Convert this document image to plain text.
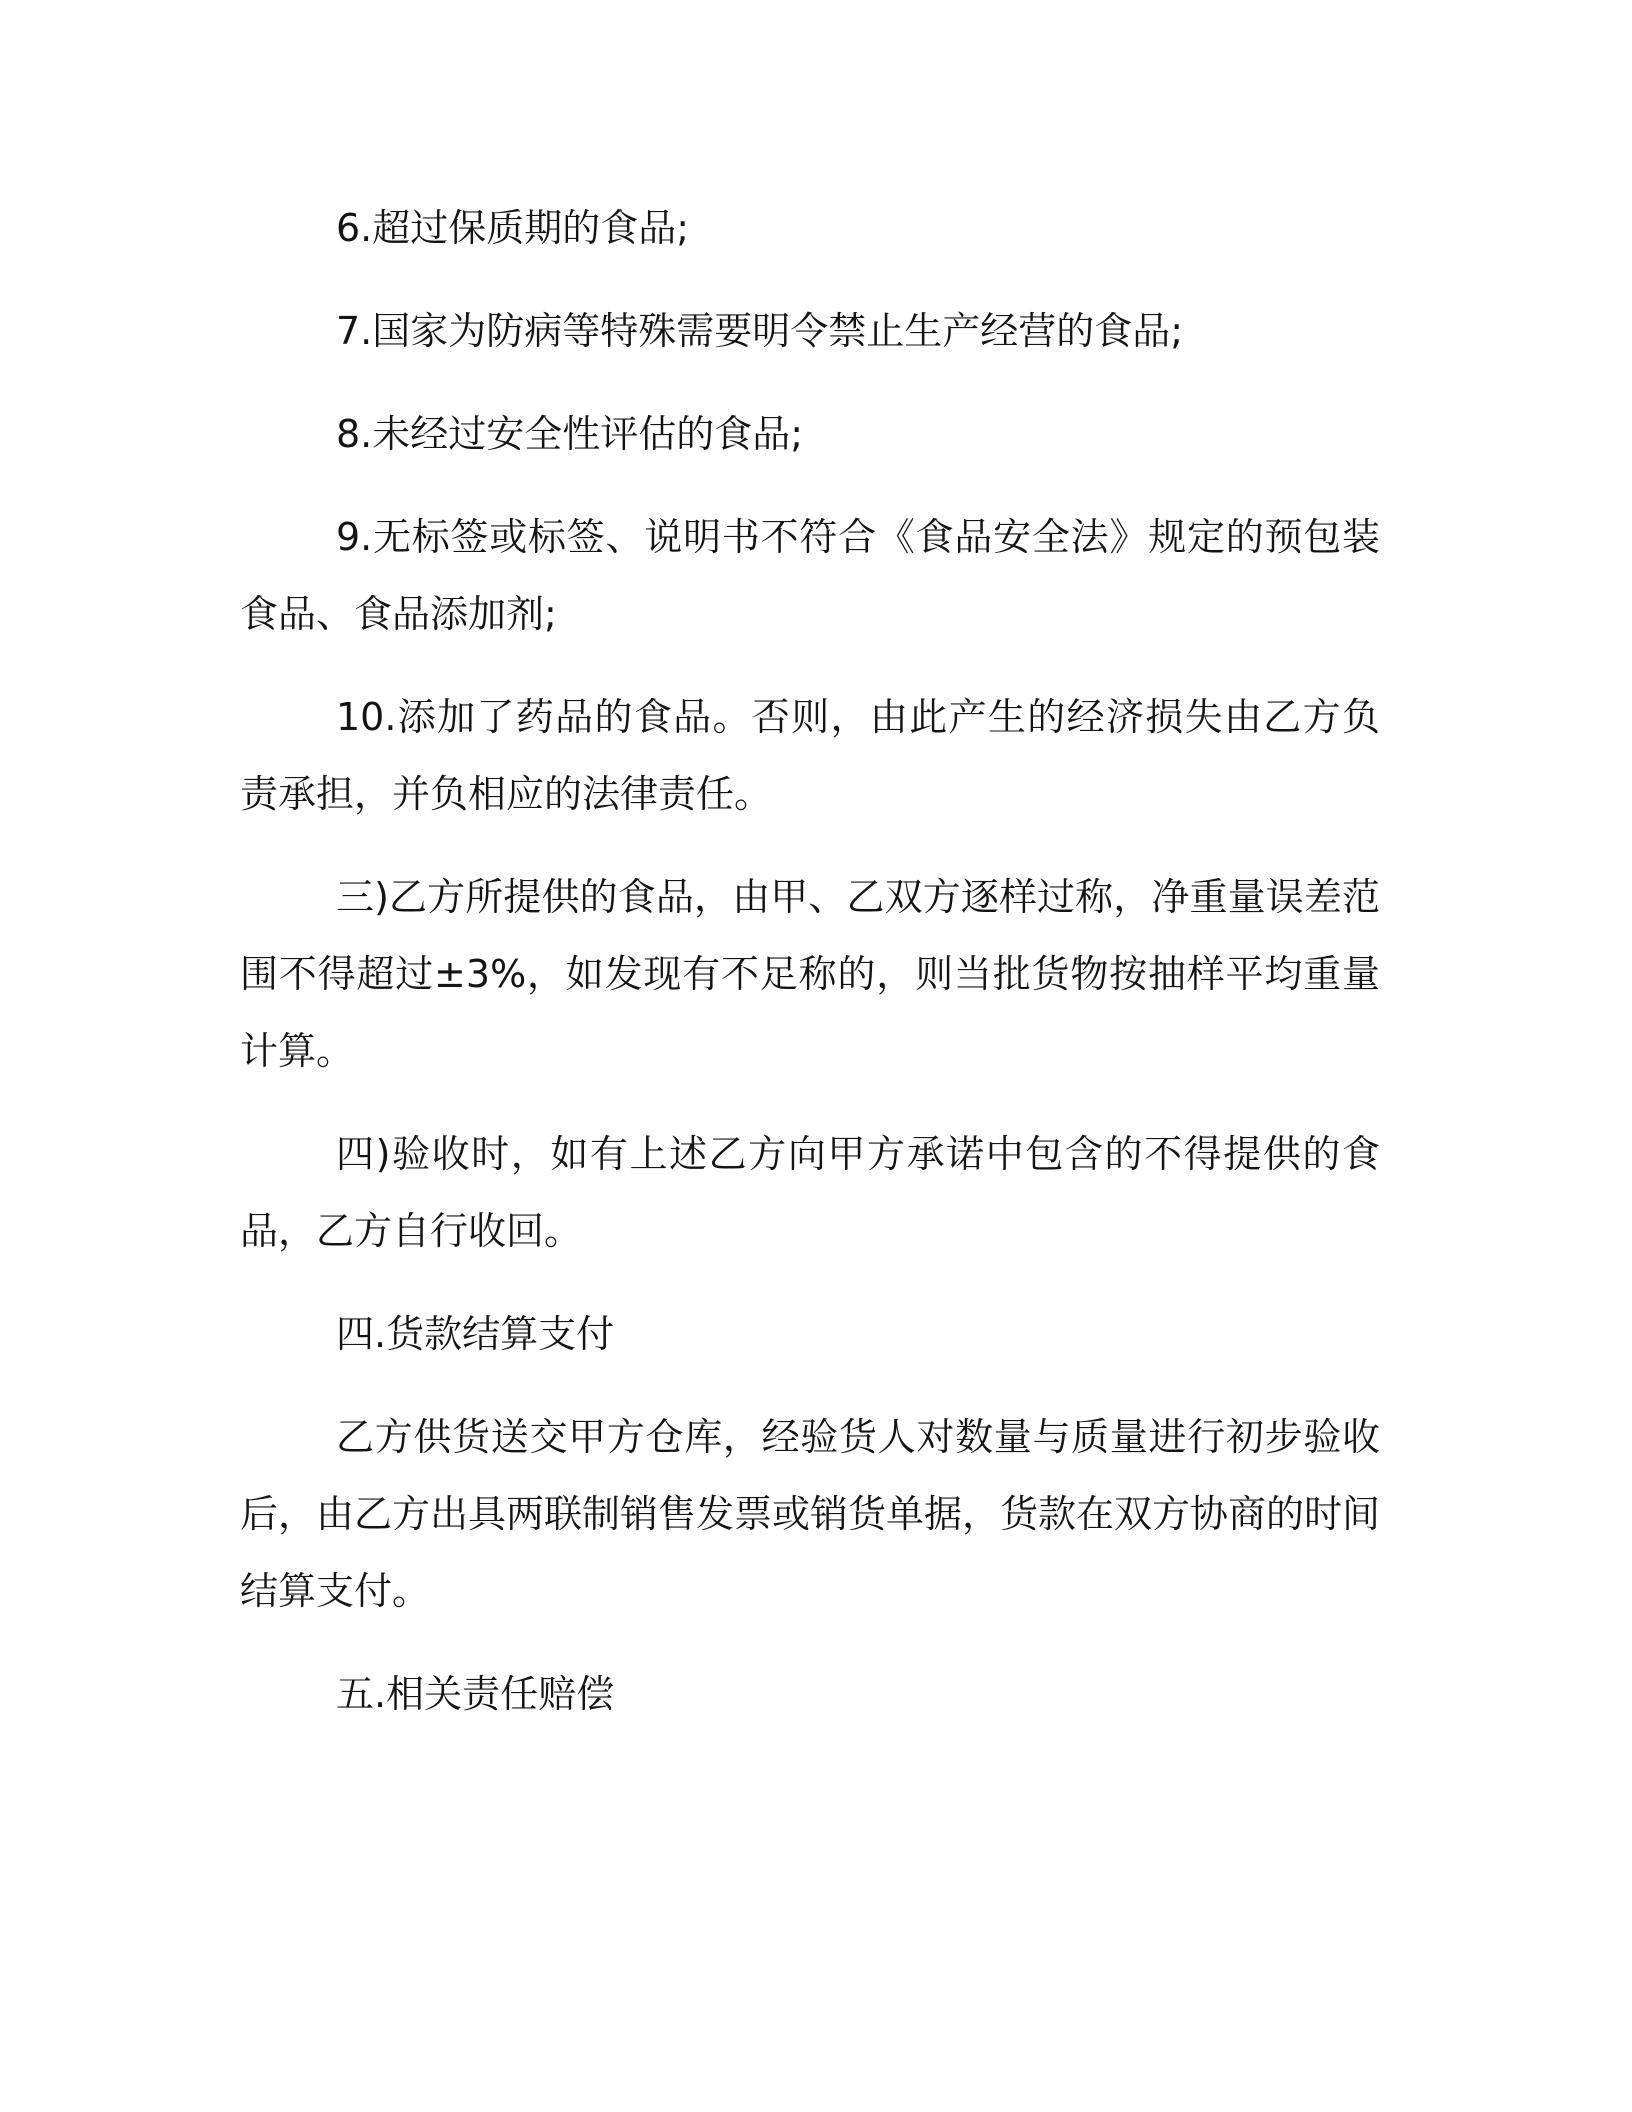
6.超过保质期的食品;

7.国家为防病等特殊需要明令禁止生产经营的食品;

8.未经过安全性评估的食品;

9.无标签或标签、说明书不符合《食品安全法》规定的预包装食品、食品添加剂;

10.添加了药品的食品。否则，由此产生的经济损失由乙方负责承担，并负相应的法律责任。

三)乙方所提供的食品，由甲、乙双方逐样过称，净重量误差范围不得超过±3%，如发现有不足称的，则当批货物按抽样平均重量计算。

四)验收时，如有上述乙方向甲方承诺中包含的不得提供的食品，乙方自行收回。

四.货款结算支付

乙方供货送交甲方仓库，经验货人对数量与质量进行初步验收后，由乙方出具两联制销售发票或销货单据，货款在双方协商的时间结算支付。

五.相关责任赔偿
